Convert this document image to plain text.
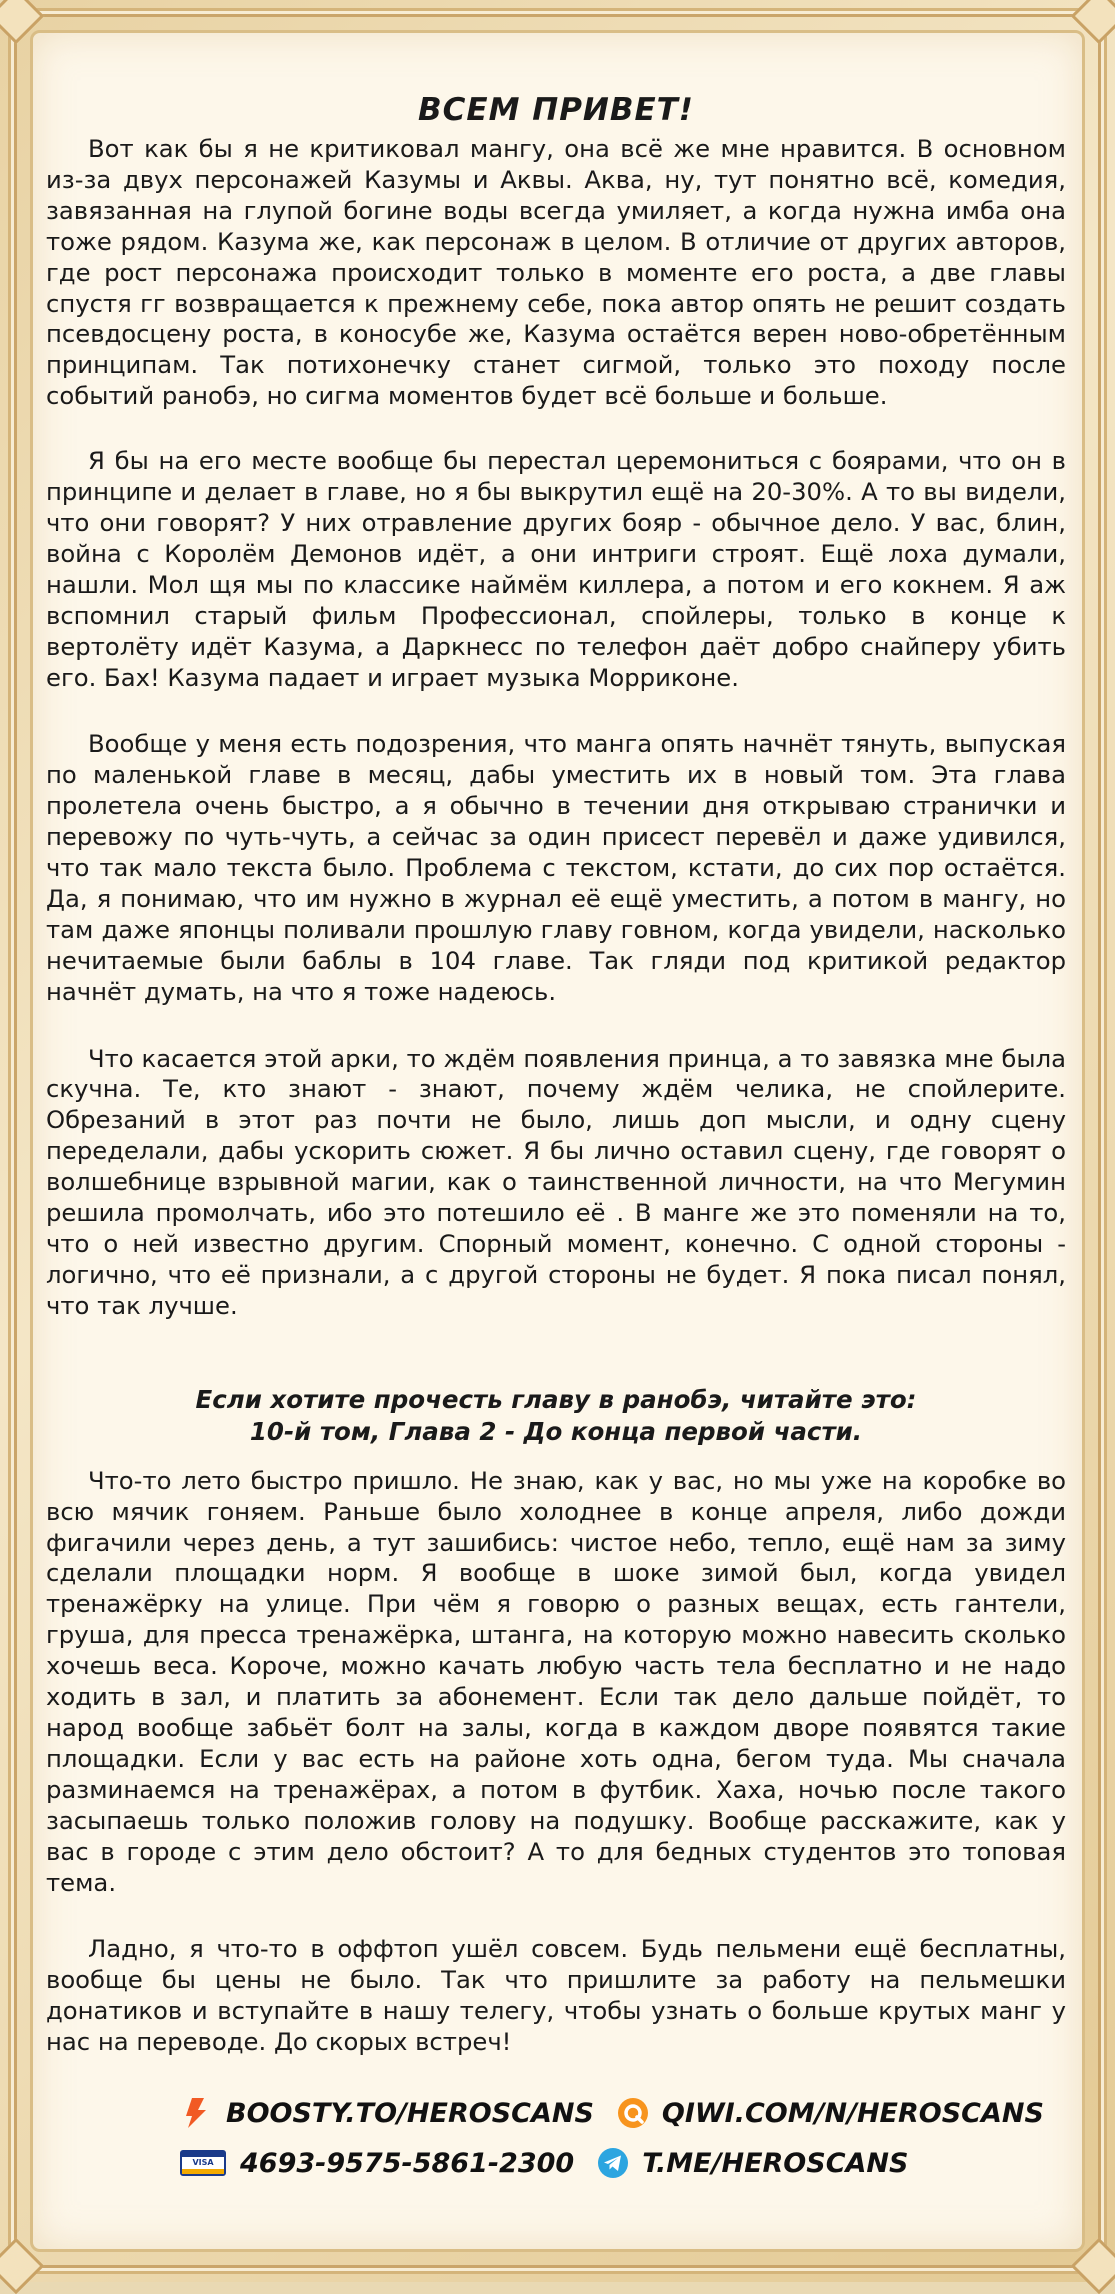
ВСЕМ ПРИВЕТ!

Вот как бы я не критиковал мангу, она всё же мне нравится. В основном из-за двух персонажей Казумы и Аквы. Аква, ну, тут понятно всё, комедия, завязанная на глупой богине воды всегда умиляет, а когда нужна имба она тоже рядом. Казума же, как персонаж в целом. В отличие от других авторов, где рост персонажа происходит только в моменте его роста, а две главы спустя гг возвращается к прежнему себе, пока автор опять не решит создать псевдосцену роста, в коносубе же, Казума остаётся верен ново-обретённым принципам. Так потихонечку станет сигмой, только это походу после событий ранобэ, но сигма моментов будет всё больше и больше.

Я бы на его месте вообще бы перестал церемониться с боярами, что он в принципе и делает в главе, но я бы выкрутил ещё на 20-30%. А то вы видели, что они говорят? У них отравление других бояр - обычное дело. У вас, блин, война с Королём Демонов идёт, а они интриги строят. Ещё лоха думали, нашли. Мол щя мы по классике наймём киллера, а потом и его кокнем. Я аж вспомнил старый фильм Профессионал, спойлеры, только в конце к вертолёту идёт Казума, а Даркнесс по телефон даёт добро снайперу убить его. Бах! Казума падает и играет музыка Морриконе.

Вообще у меня есть подозрения, что манга опять начнёт тянуть, выпуская по маленькой главе в месяц, дабы уместить их в новый том. Эта глава пролетела очень быстро, а я обычно в течении дня открываю странички и перевожу по чуть-чуть, а сейчас за один присест перевёл и даже удивился, что так мало текста было. Проблема с текстом, кстати, до сих пор остаётся. Да, я понимаю, что им нужно в журнал её ещё уместить, а потом в мангу, но там даже японцы поливали прошлую главу говном, когда увидели, насколько нечитаемые были баблы в 104 главе. Так гляди под критикой редактор начнёт думать, на что я тоже надеюсь.

Что касается этой арки, то ждём появления принца, а то завязка мне была скучна. Те, кто знают - знают, почему ждём челика, не спойлерите. Обрезаний в этот раз почти не было, лишь доп мысли, и одну сцену переделали, дабы ускорить сюжет. Я бы лично оставил сцену, где говорят о волшебнице взрывной магии, как о таинственной личности, на что Мегумин решила промолчать, ибо это потешило её . В манге же это поменяли на то, что о ней известно другим. Спорный момент, конечно. С одной стороны - логично, что её признали, а с другой стороны не будет. Я пока писал понял, что так лучше.

Если хотите прочесть главу в ранобэ, читайте это:
10-й том, Глава 2 - До конца первой части.

Что-то лето быстро пришло. Не знаю, как у вас, но мы уже на коробке во всю мячик гоняем. Раньше было холоднее в конце апреля, либо дожди фигачили через день, а тут зашибись: чистое небо, тепло, ещё нам за зиму сделали площадки норм. Я вообще в шоке зимой был, когда увидел тренажёрку на улице. При чём я говорю о разных вещах, есть гантели, груша, для пресса тренажёрка, штанга, на которую можно навесить сколько хочешь веса. Короче, можно качать любую часть тела бесплатно и не надо ходить в зал, и платить за абонемент. Если так дело дальше пойдёт, то народ вообще забьёт болт на залы, когда в каждом дворе появятся такие площадки. Если у вас есть на районе хоть одна, бегом туда. Мы сначала разминаемся на тренажёрах, а потом в футбик. Хаха, ночью после такого засыпаешь только положив голову на подушку. Вообще расскажите, как у вас в городе с этим дело обстоит? А то для бедных студентов это топовая тема.

Ладно, я что-то в оффтоп ушёл совсем. Будь пельмени ещё бесплатны, вообще бы цены не было. Так что пришлите за работу на пельмешки донатиков и вступайте в нашу телегу, чтобы узнать о больше крутых манг у нас на переводе. До скорых встреч!

BOOSTY.TO/HEROSCANS	QIWI.COM/N/HEROSCANS
VISA 4693-9575-5861-2300	T.ME/HEROSCANS
